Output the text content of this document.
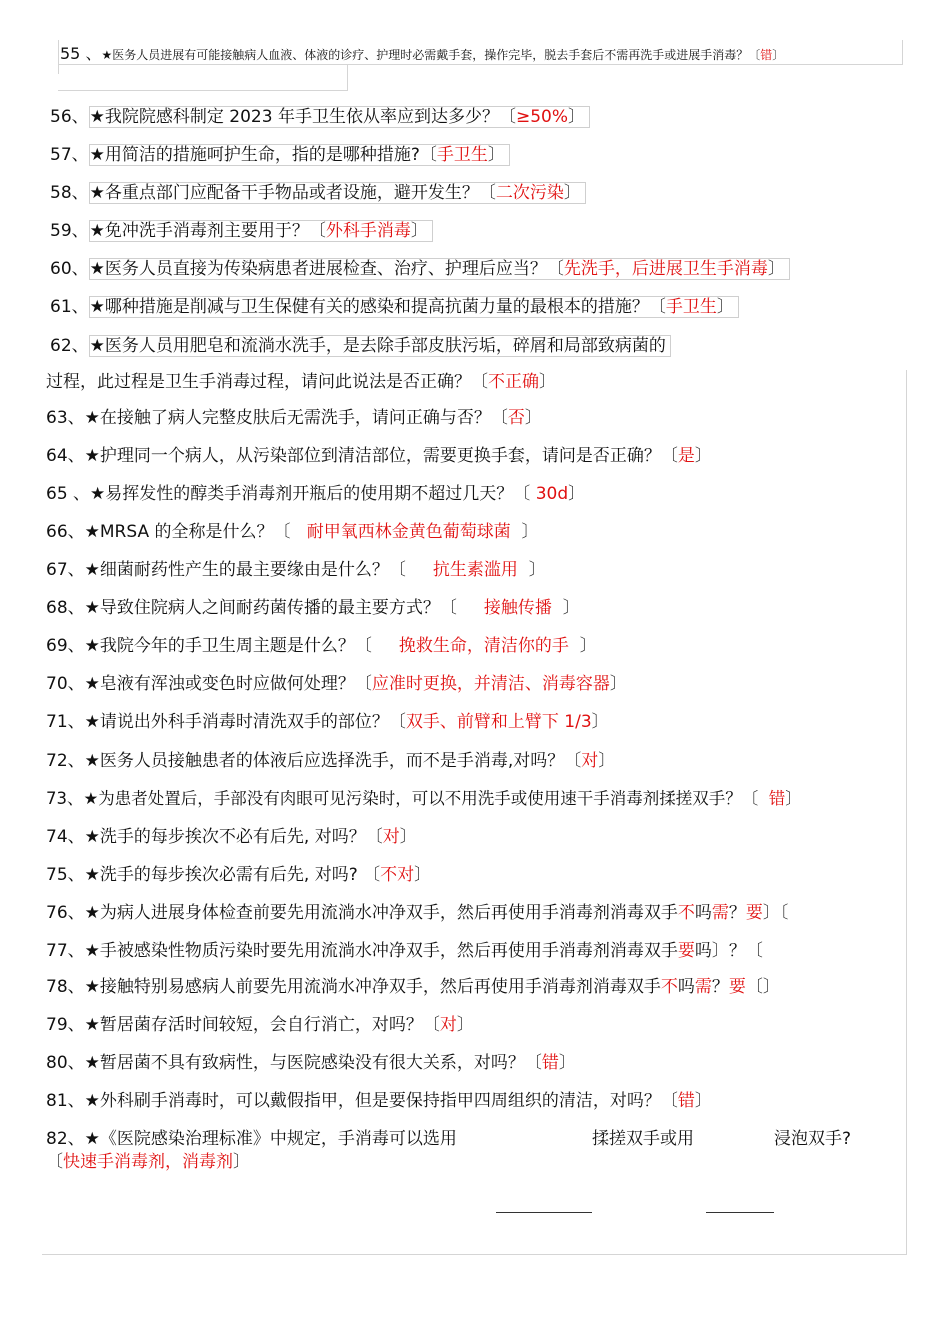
55 、★医务人员进展有可能接触病人血液、体液的诊疗、护理时必需戴手套，操作完毕，脱去手套后不需再洗手或进展手消毒？〔错〕
56、★我院院感科制定 2023 年手卫生依从率应到达多少？〔≥50%〕
57、★用简洁的措施呵护生命，指的是哪种措施?〔手卫生〕
58、★各重点部门应配备干手物品或者设施，避开发生？〔二次污染〕
59、★免冲洗手消毒剂主要用于？〔外科手消毒〕
60、★医务人员直接为传染病患者进展检查、治疗、护理后应当？〔先洗手，后进展卫生手消毒〕
61、★哪种措施是削减与卫生保健有关的感染和提高抗菌力量的最根本的措施？〔手卫生〕
62、★医务人员用肥皂和流淌水洗手，是去除手部皮肤污垢，碎屑和局部致病菌的
过程，此过程是卫生手消毒过程，请问此说法是否正确？〔不正确〕
63、★在接触了病人完整皮肤后无需洗手，请问正确与否？〔否〕
64、★护理同一个病人，从污染部位到清洁部位，需要更换手套，请问是否正确？〔是〕
65 、★易挥发性的醇类手消毒剂开瓶后的使用期不超过几天？〔 30d〕
66、★MRSA 的全称是什么？〔   耐甲氧西林金黄色葡萄球菌  〕
67、★细菌耐药性产生的最主要缘由是什么？〔     抗生素滥用  〕
68、★导致住院病人之间耐药菌传播的最主要方式？〔     接触传播  〕
69、★我院今年的手卫生周主题是什么？〔     挽救生命，清洁你的手  〕
70、★皂液有浑浊或变色时应做何处理？〔应准时更换，并清洁、消毒容器〕
71、★请说出外科手消毒时清洗双手的部位？〔双手、前臂和上臂下 1/3〕
72、★医务人员接触患者的体液后应选择洗手，而不是手消毒,对吗？〔对〕
73、★为患者处置后，手部没有肉眼可见污染时，可以不用洗手或使用速干手消毒剂揉搓双手？〔  错〕
74、★洗手的每步挨次不必有后先, 对吗？〔对〕
75、★洗手的每步挨次必需有后先, 对吗? 〔不对〕
76、★为病人进展身体检查前要先用流淌水冲净双手，然后再使用手消毒剂消毒双手不吗需？要〕〔
77、★手被感染性物质污染时要先用流淌水冲净双手，然后再使用手消毒剂消毒双手要吗〕？〔
78、★接触特别易感病人前要先用流淌水冲净双手，然后再使用手消毒剂消毒双手不吗需？要〔〕
79、★暂居菌存活时间较短，会自行消亡，对吗？〔对〕
80、★暂居菌不具有致病性，与医院感染没有很大关系，对吗？〔错〕
81、★外科刷手消毒时，可以戴假指甲，但是要保持指甲四周组织的清洁，对吗？〔错〕
82、★《医院感染治理标准》中规定，手消毒可以选用	揉搓双手或用	浸泡双手?
〔快速手消毒剂，消毒剂〕
